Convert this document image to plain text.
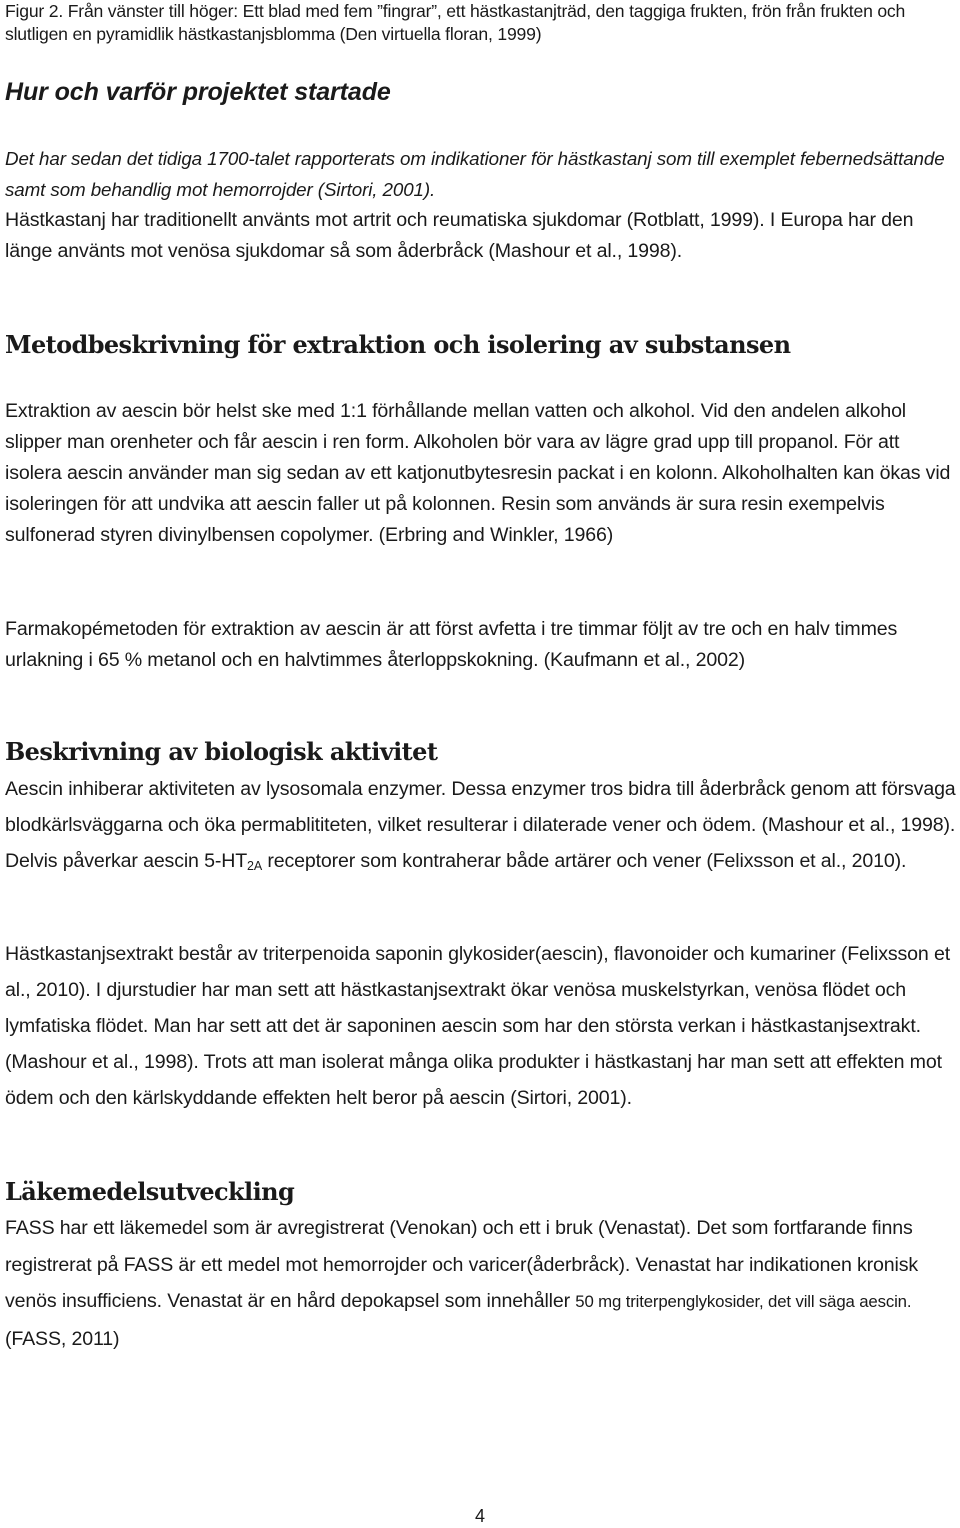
Figur 2. Från vänster till höger: Ett blad med fem ”fingrar”, ett hästkastanjträd, den taggiga frukten, frön från frukten och slutligen en pyramidlik hästkastanjsblomma (Den virtuella floran, 1999)

Hur och varför projektet startade

Det har sedan det tidiga 1700-talet rapporterats om indikationer för hästkastanj som till exemplet febernedsättande samt som behandlig mot hemorrojder (Sirtori, 2001).
Hästkastanj har traditionellt använts mot artrit och reumatiska sjukdomar (Rotblatt, 1999). I Europa har den länge använts mot venösa sjukdomar så som åderbråck (Mashour et al., 1998).

Metodbeskrivning för extraktion och isolering av substansen

Extraktion av aescin bör helst ske med 1:1 förhållande mellan vatten och alkohol. Vid den andelen alkohol slipper man orenheter och får aescin i ren form. Alkoholen bör vara av lägre grad upp till propanol. För att isolera aescin använder man sig sedan av ett katjonutbytesresin packat i en kolonn. Alkoholhalten kan ökas vid isoleringen för att undvika att aescin faller ut på kolonnen. Resin som används är sura resin exempelvis sulfonerad styren divinylbensen copolymer. (Erbring and Winkler, 1966)
Farmakopémetoden för extraktion av aescin är att först avfetta i tre timmar följt av tre och en halv timmes urlakning i 65 % metanol och en halvtimmes återloppskokning. (Kaufmann et al., 2002)

Beskrivning av biologisk aktivitet

Aescin inhiberar aktiviteten av lysosomala enzymer. Dessa enzymer tros bidra till åderbråck genom att försvaga blodkärlsväggarna och öka permablititeten, vilket resulterar i dilaterade vener och ödem. (Mashour et al., 1998). Delvis påverkar aescin $5-HT_{2A}$ receptorer som kontraherar både artärer och vener (Felixsson et al., 2010).
Hästkastanjsextrakt består av triterpenoida saponin glykosider(aescin), flavonoider och kumariner (Felixsson et al., 2010). I djurstudier har man sett att hästkastanjsextrakt ökar venösa muskelstyrkan, venösa flödet och lymfatiska flödet. Man har sett att det är saponinen aescin som har den största verkan i hästkastanjsextrakt. (Mashour et al., 1998). Trots att man isolerat många olika produkter i hästkastanj har man sett att effekten mot ödem och den kärlskyddande effekten helt beror på aescin (Sirtori, 2001).

Läkemedelsutveckling

FASS har ett läkemedel som är avregistrerat (Venokan) och ett i bruk (Venastat). Det som fortfarande finns registrerat på FASS är ett medel mot hemorrojder och varicer(åderbråck). Venastat har indikationen kronisk venös insufficiens. Venastat är en hård depokapsel som innehåller 50 mg triterpenglykosider, det vill säga aescin. (FASS, 2011)
4
